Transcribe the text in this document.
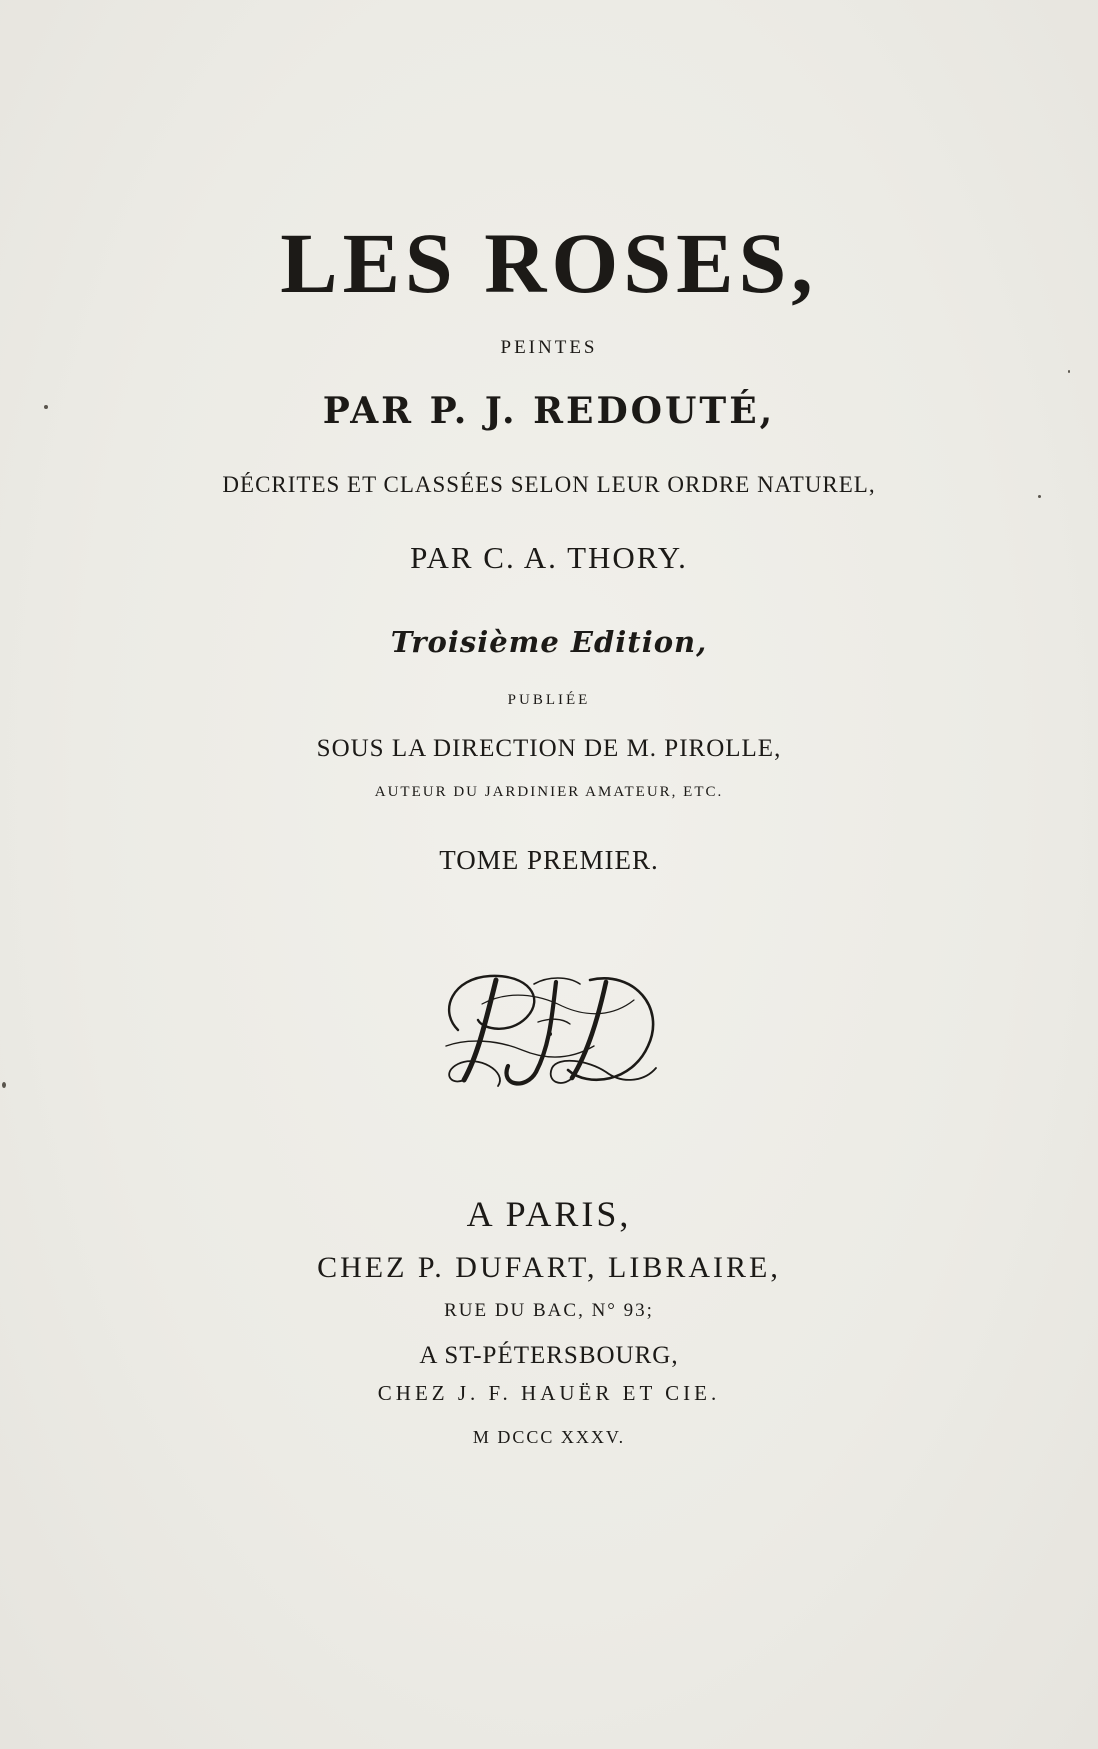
LES ROSES,
PEINTES
PAR P. J. REDOUTÉ,
DÉCRITES ET CLASSÉES SELON LEUR ORDRE NATUREL,
PAR C. A. THORY.
Troisième Edition,
PUBLIÉE
SOUS LA DIRECTION DE M. PIROLLE,
AUTEUR DU JARDINIER AMATEUR, ETC.
TOME PREMIER.
A PARIS,
CHEZ P. DUFART, LIBRAIRE,
RUE DU BAC, N° 93;
A ST-PÉTERSBOURG,
CHEZ J. F. HAUËR ET CIE.
M DCCC XXXV.
